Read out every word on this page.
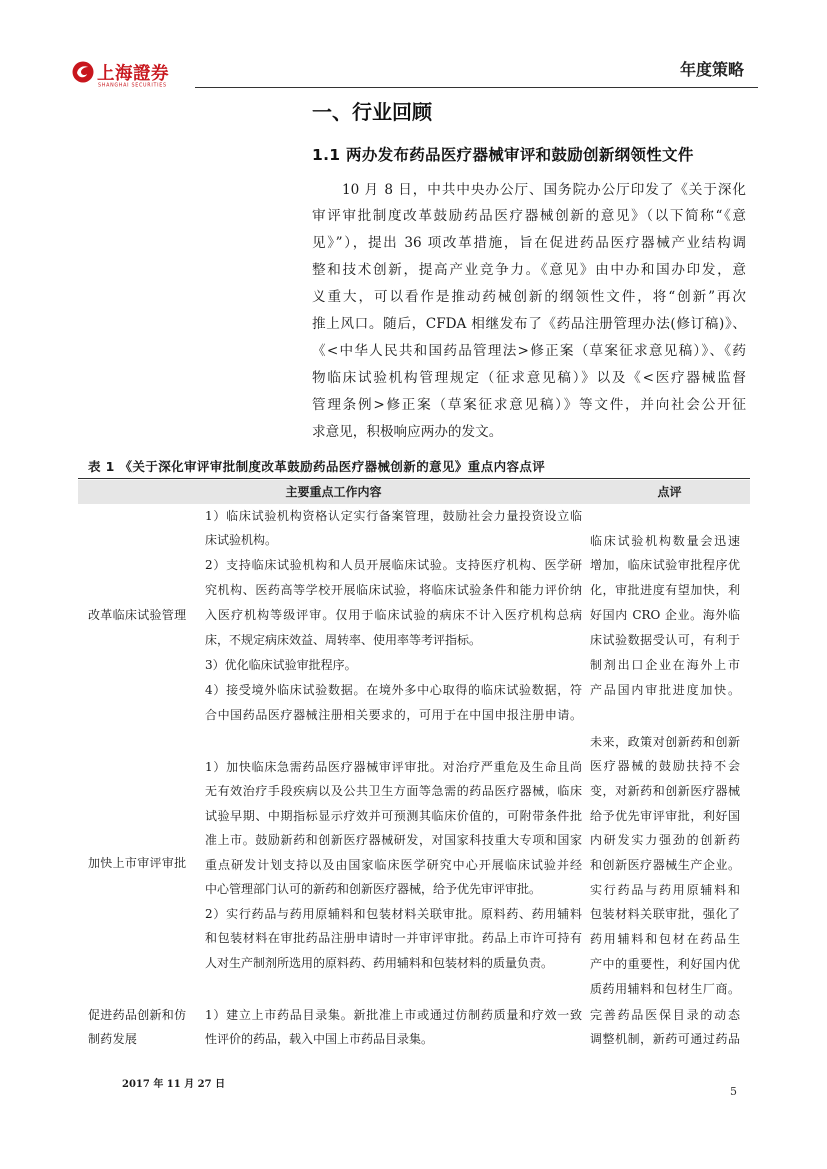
上海證券
SHANGHAI SECURITIES
年度策略
一、行业回顾
1.1 两办发布药品医疗器械审评和鼓励创新纲领性文件
10 月 8 日，中共中央办公厅、国务院办公厅印发了《关于深化
审评审批制度改革鼓励药品医疗器械创新的意见》（以下简称“《意
见》”），提出 36 项改革措施，旨在促进药品医疗器械产业结构调
整和技术创新，提高产业竞争力。《意见》由中办和国办印发，意
义重大，可以看作是推动药械创新的纲领性文件，将“创新”再次
推上风口。随后，CFDA 相继发布了《药品注册管理办法(修订稿)》、
《<中华人民共和国药品管理法>修正案（草案征求意见稿）》、《药
物临床试验机构管理规定（征求意见稿）》以及《<医疗器械监督
管理条例>修正案（草案征求意见稿）》等文件，并向社会公开征
求意见，积极响应两办的发文。
表 1 《关于深化审评审批制度改革鼓励药品医疗器械创新的意见》重点内容点评
主要重点工作内容	点评
改革临床试验管理
1）临床试验机构资格认定实行备案管理，鼓励社会力量投资设立临
床试验机构。
2）支持临床试验机构和人员开展临床试验。支持医疗机构、医学研
究机构、医药高等学校开展临床试验，将临床试验条件和能力评价纳
入医疗机构等级评审。仅用于临床试验的病床不计入医疗机构总病
床，不规定病床效益、周转率、使用率等考评指标。
3）优化临床试验审批程序。
4）接受境外临床试验数据。在境外多中心取得的临床试验数据，符
合中国药品医疗器械注册相关要求的，可用于在中国申报注册申请。
临床试验机构数量会迅速
增加，临床试验审批程序优
化，审批进度有望加快，利
好国内 CRO 企业。海外临
床试验数据受认可，有利于
制剂出口企业在海外上市
产品国内审批进度加快。
加快上市审评审批
1）加快临床急需药品医疗器械审评审批。对治疗严重危及生命且尚
无有效治疗手段疾病以及公共卫生方面等急需的药品医疗器械，临床
试验早期、中期指标显示疗效并可预测其临床价值的，可附带条件批
准上市。鼓励新药和创新医疗器械研发，对国家科技重大专项和国家
重点研发计划支持以及由国家临床医学研究中心开展临床试验并经
中心管理部门认可的新药和创新医疗器械，给予优先审评审批。
2）实行药品与药用原辅料和包装材料关联审批。原料药、药用辅料
和包装材料在审批药品注册申请时一并审评审批。药品上市许可持有
人对生产制剂所选用的原料药、药用辅料和包装材料的质量负责。
未来，政策对创新药和创新
医疗器械的鼓励扶持不会
变，对新药和创新医疗器械
给予优先审评审批，利好国
内研发实力强劲的创新药
和创新医疗器械生产企业。
实行药品与药用原辅料和
包装材料关联审批，强化了
药用辅料和包材在药品生
产中的重要性，利好国内优
质药用辅料和包材生厂商。
促进药品创新和仿
制药发展
1）建立上市药品目录集。新批准上市或通过仿制药质量和疗效一致
性评价的药品，载入中国上市药品目录集。
完善药品医保目录的动态
调整机制，新药可通过药品
2017 年 11 月 27 日
5
